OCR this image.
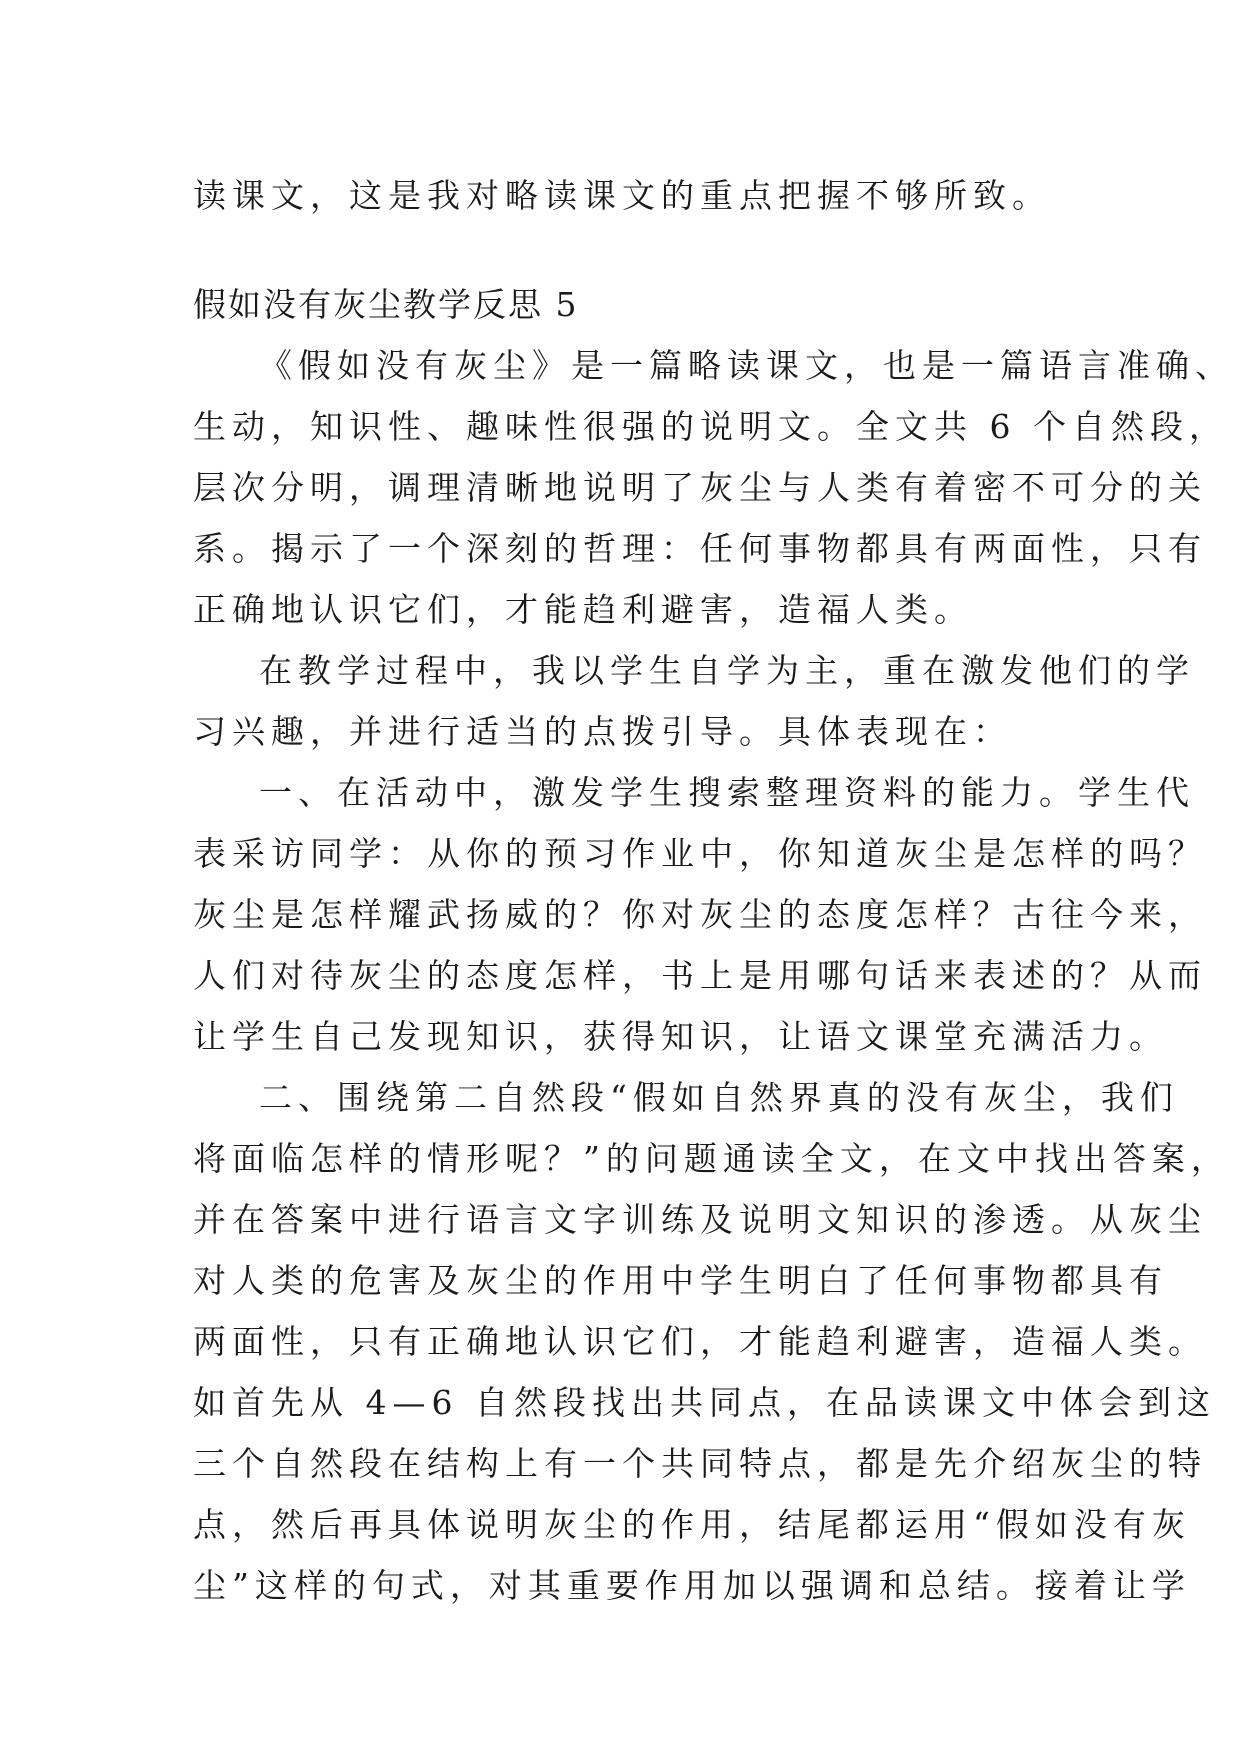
读课文，这是我对略读课文的重点把握不够所致。
假如没有灰尘教学反思 5
《假如没有灰尘》是一篇略读课文，也是一篇语言准确、
生动，知识性、趣味性很强的说明文。全文共 6 个自然段，
层次分明，调理清晰地说明了灰尘与人类有着密不可分的关
系。揭示了一个深刻的哲理：任何事物都具有两面性，只有
正确地认识它们，才能趋利避害，造福人类。
在教学过程中，我以学生自学为主，重在激发他们的学
习兴趣，并进行适当的点拨引导。具体表现在：
一、在活动中，激发学生搜索整理资料的能力。学生代
表采访同学：从你的预习作业中，你知道灰尘是怎样的吗？
灰尘是怎样耀武扬威的？你对灰尘的态度怎样？古往今来，
人们对待灰尘的态度怎样，书上是用哪句话来表述的？从而
让学生自己发现知识，获得知识，让语文课堂充满活力。
二、围绕第二自然段“假如自然界真的没有灰尘，我们
将面临怎样的情形呢？”的问题通读全文，在文中找出答案，
并在答案中进行语言文字训练及说明文知识的渗透。从灰尘
对人类的危害及灰尘的作用中学生明白了任何事物都具有
两面性，只有正确地认识它们，才能趋利避害，造福人类。
如首先从 4—6 自然段找出共同点，在品读课文中体会到这
三个自然段在结构上有一个共同特点，都是先介绍灰尘的特
点，然后再具体说明灰尘的作用，结尾都运用“假如没有灰
尘”这样的句式，对其重要作用加以强调和总结。接着让学
